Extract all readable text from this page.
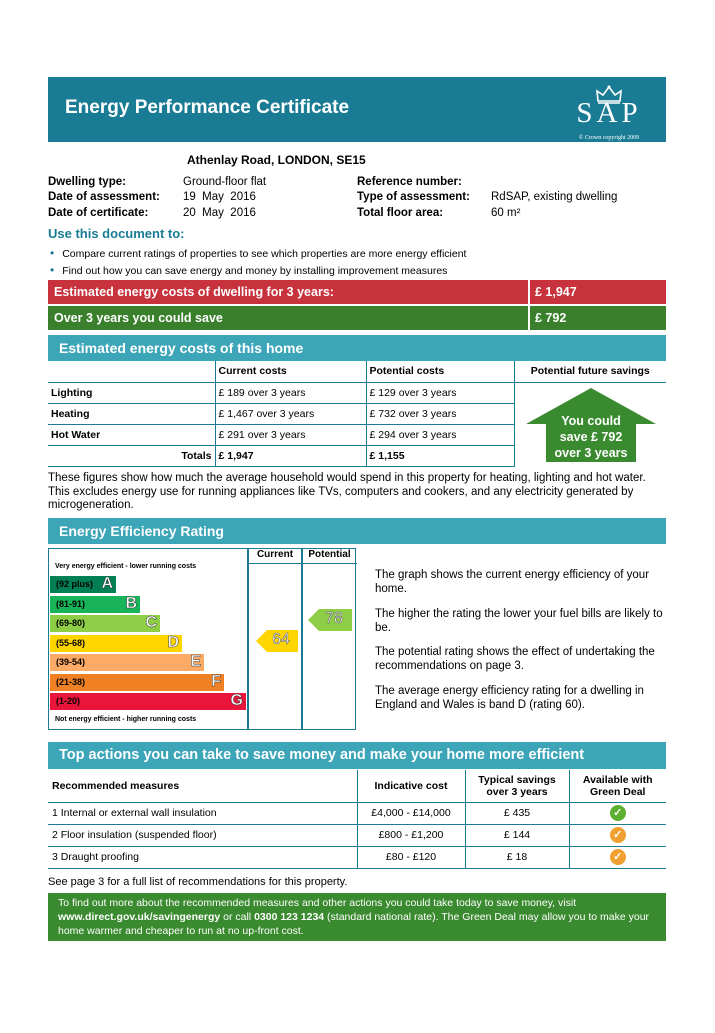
Energy Performance Certificate	SAP
© Crown copyright 2009
Athenlay Road, LONDON, SE15
Dwelling type:	Ground-floor flat
Date of assessment: 19  May  2016
Date of certificate:	20  May  2016
Reference number:
Type of assessment: RdSAP, existing dwelling
Total floor area:	60 m²
Use this document to:
• Compare current ratings of properties to see which properties are more energy efficient
• Find out how you can save energy and money by installing improvement measures
Estimated energy costs of dwelling for 3 years:	£ 1,947
Over 3 years you could save	£ 792
Estimated energy costs of this home
	Current costs	Potential costs	Potential future savings
Lighting	£ 189 over 3 years	£ 129 over 3 years	
Heating	£ 1,467 over 3 years	£ 732 over 3 years	
Hot Water	£ 291 over 3 years	£ 294 over 3 years	
Totals	£ 1,947	£ 1,155	
You could
save £ 792
over 3 years
These figures show how much the average household would spend in this property for heating, lighting and hot water. This excludes energy use for running appliances like TVs, computers and cookers, and any electricity generated by microgeneration.
Energy Efficiency Rating
Current	Potential
Very energy efficient - lower running costs
Not energy efficient - higher running costs
(92 plus) A
(81-91)	B
(69-80)	C
(55-68)	D
(39-54)	E
(21-38)	F
(1-20)	G
64
78
The graph shows the current energy efficiency of your home.
The higher the rating the lower your fuel bills are likely to be.
The potential rating shows the effect of undertaking the recommendations on page 3.
The average energy efficiency rating for a dwelling in England and Wales is band D (rating 60).
Top actions you can take to save money and make your home more efficient
Recommended measures	Indicative cost	Typical savings over 3 years	Available with Green Deal
1 Internal or external wall insulation	£4,000 - £14,000	£ 435	✓
2 Floor insulation (suspended floor)	£800 - £1,200	£ 144	✓
3 Draught proofing	£80 - £120	£ 18	✓
See page 3 for a full list of recommendations for this property.
To find out more about the recommended measures and other actions you could take today to save money, visit www.direct.gov.uk/savingenergy or call 0300 123 1234 (standard national rate). The Green Deal may allow you to make your home warmer and cheaper to run at no up-front cost.
